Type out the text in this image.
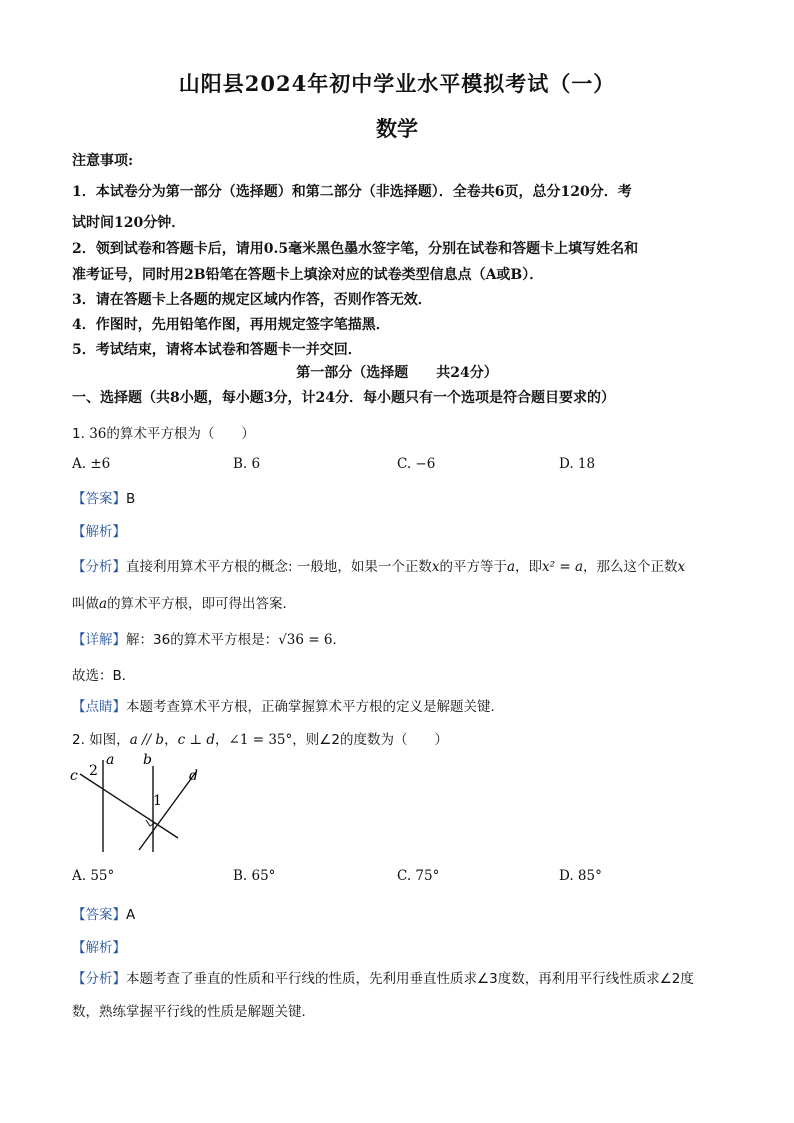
山阳县2024年初中学业水平模拟考试（一）
数学
注意事项:
1．本试卷分为第一部分（选择题）和第二部分（非选择题）．全卷共6页，总分120分．考
试时间120分钟．
2．领到试卷和答题卡后，请用0.5毫米黑色墨水签字笔，分别在试卷和答题卡上填写姓名和
准考证号，同时用2B铅笔在答题卡上填涂对应的试卷类型信息点（A或B）．
3．请在答题卡上各题的规定区域内作答，否则作答无效．
4．作图时，先用铅笔作图，再用规定签字笔描黑．
5．考试结束，请将本试卷和答题卡一并交回．
第一部分（选择题　　共24分）
一、选择题（共8小题，每小题3分，计24分．每小题只有一个选项是符合题目要求的）
1. 36的算术平方根为（　　）
A. ±6	B. 6	C. −6	D. 18
【答案】B
【解析】
【分析】直接利用算术平方根的概念: 一般地，如果一个正数x的平方等于a，即x² = a，那么这个正数x
叫做a的算术平方根，即可得出答案．
【详解】解：36的算术平方根是：√36 = 6．
故选：B．
【点睛】本题考查算术平方根，正确掌握算术平方根的定义是解题关键．
2. 如图，a // b，c ⊥ d，∠1 = 35°，则∠2的度数为（　　）
a b
c	d
1
2
A. 55°	B. 65°	C. 75°	D. 85°
【答案】A
【解析】
【分析】本题考查了垂直的性质和平行线的性质，先利用垂直性质求∠3度数，再利用平行线性质求∠2度
数，熟练掌握平行线的性质是解题关键．
